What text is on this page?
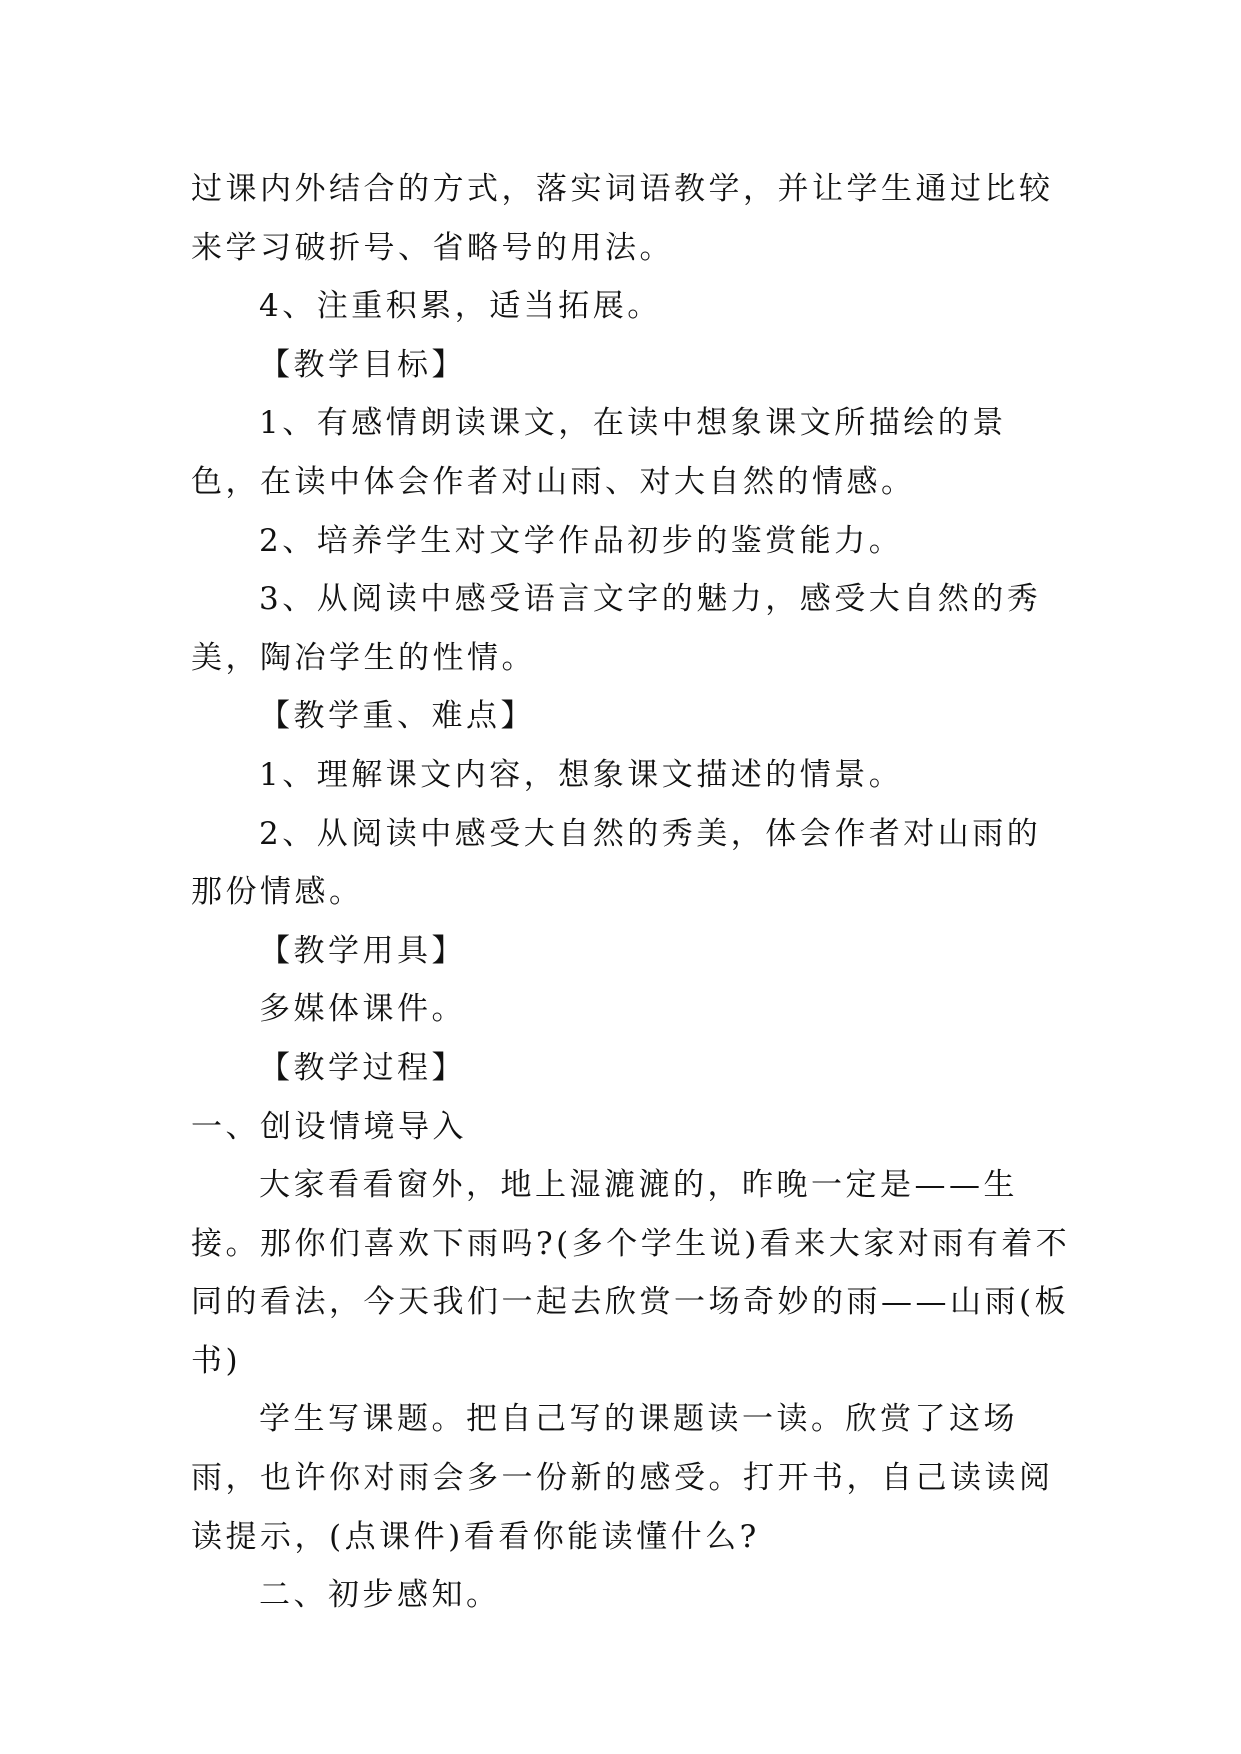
过课内外结合的方式，落实词语教学，并让学生通过比较来学习破折号、省略号的用法。

4、注重积累，适当拓展。

【教学目标】

1、有感情朗读课文，在读中想象课文所描绘的景色，在读中体会作者对山雨、对大自然的情感。

2、培养学生对文学作品初步的鉴赏能力。

3、从阅读中感受语言文字的魅力，感受大自然的秀美，陶冶学生的性情。

【教学重、难点】

1、理解课文内容，想象课文描述的情景。

2、从阅读中感受大自然的秀美，体会作者对山雨的那份情感。

【教学用具】

多媒体课件。

【教学过程】

一、创设情境导入

大家看看窗外，地上湿漉漉的，昨晚一定是——生接。那你们喜欢下雨吗?(多个学生说)看来大家对雨有着不同的看法，今天我们一起去欣赏一场奇妙的雨——山雨(板书)

学生写课题。把自己写的课题读一读。欣赏了这场雨，也许你对雨会多一份新的感受。打开书，自己读读阅读提示，(点课件)看看你能读懂什么?

二、初步感知。
